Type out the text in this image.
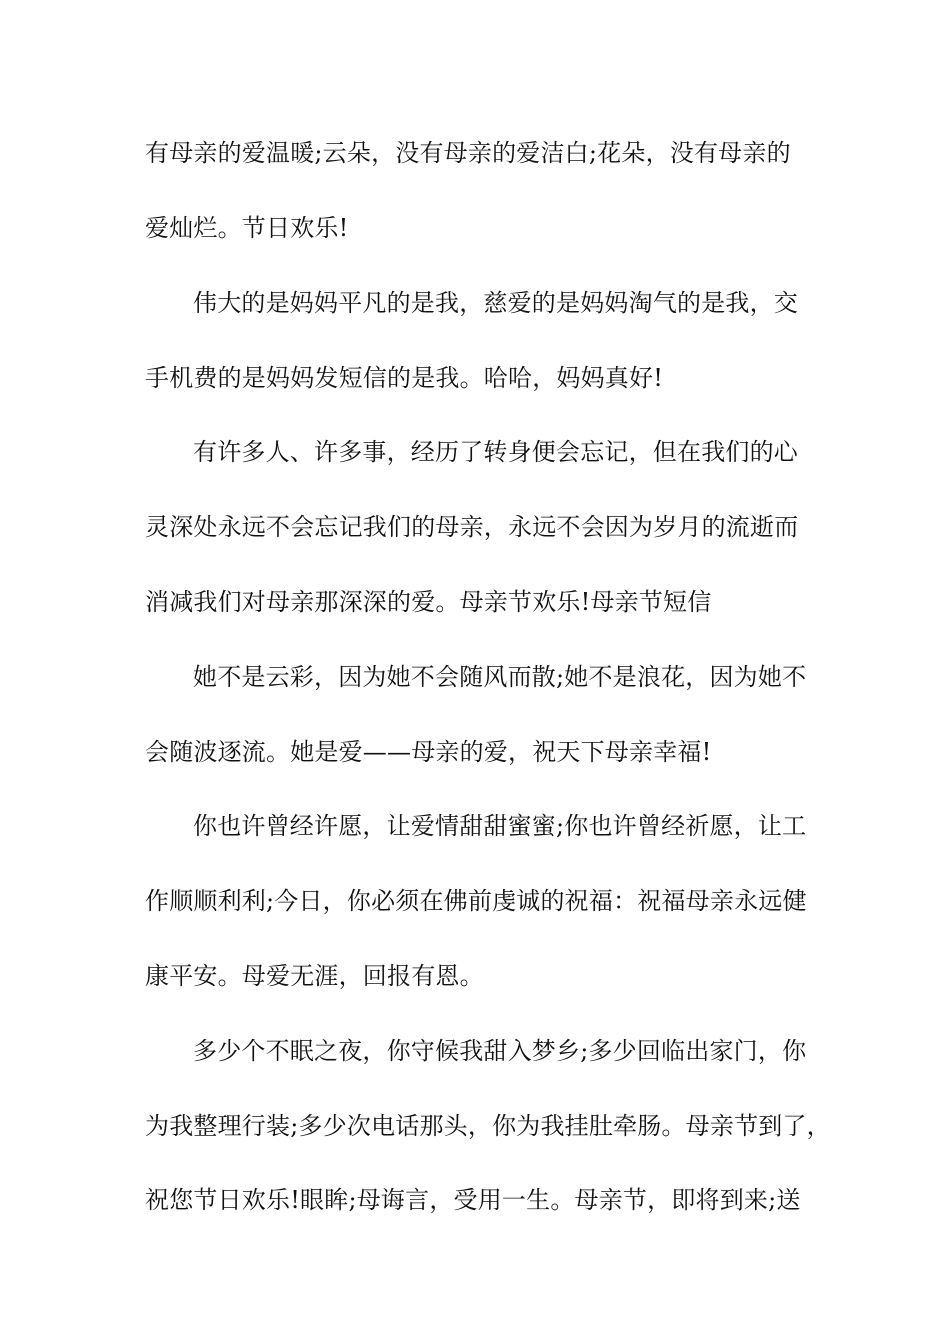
有母亲的爱温暖;云朵，没有母亲的爱洁白;花朵，没有母亲的
爱灿烂。节日欢乐!
伟大的是妈妈平凡的是我，慈爱的是妈妈淘气的是我，交
手机费的是妈妈发短信的是我。哈哈，妈妈真好!
有许多人、许多事，经历了转身便会忘记，但在我们的心
灵深处永远不会忘记我们的母亲，永远不会因为岁月的流逝而
消减我们对母亲那深深的爱。母亲节欢乐!母亲节短信
她不是云彩，因为她不会随风而散;她不是浪花，因为她不
会随波逐流。她是爱——母亲的爱，祝天下母亲幸福!
你也许曾经许愿，让爱情甜甜蜜蜜;你也许曾经祈愿，让工
作顺顺利利;今日，你必须在佛前虔诚的祝福：祝福母亲永远健
康平安。母爱无涯，回报有恩。
多少个不眠之夜，你守候我甜入梦乡;多少回临出家门，你
为我整理行装;多少次电话那头，你为我挂肚牵肠。母亲节到了，
祝您节日欢乐!眼眸;母诲言，受用一生。母亲节，即将到来;送
